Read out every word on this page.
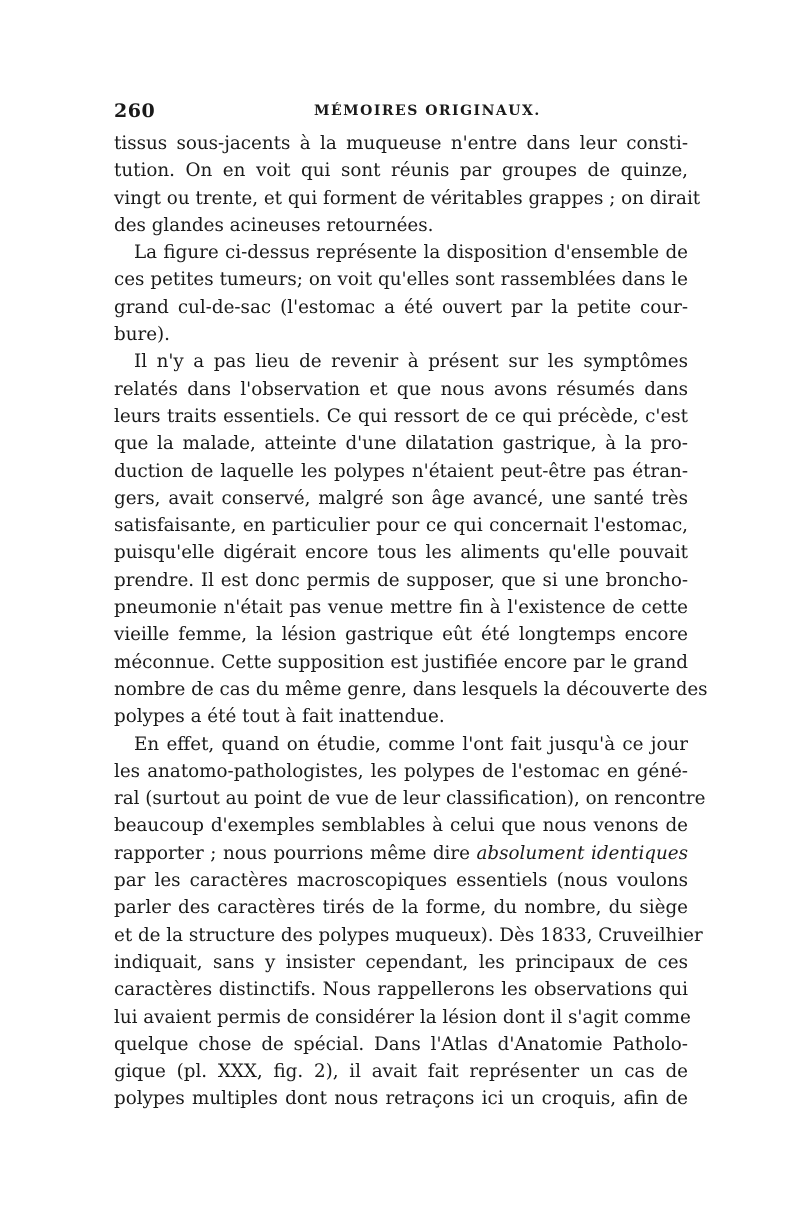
260	MÉMOIRES ORIGINAUX.
tissus sous-jacents à la muqueuse n'entre dans leur consti-
tution. On en voit qui sont réunis par groupes de quinze,
vingt ou trente, et qui forment de véritables grappes ; on dirait
des glandes acineuses retournées.
La figure ci-dessus représente la disposition d'ensemble de
ces petites tumeurs; on voit qu'elles sont rassemblées dans le
grand cul-de-sac (l'estomac a été ouvert par la petite cour-
bure).
Il n'y a pas lieu de revenir à présent sur les symptômes
relatés dans l'observation et que nous avons résumés dans
leurs traits essentiels. Ce qui ressort de ce qui précède, c'est
que la malade, atteinte d'une dilatation gastrique, à la pro-
duction de laquelle les polypes n'étaient peut-être pas étran-
gers, avait conservé, malgré son âge avancé, une santé très
satisfaisante, en particulier pour ce qui concernait l'estomac,
puisqu'elle digérait encore tous les aliments qu'elle pouvait
prendre. Il est donc permis de supposer, que si une broncho-
pneumonie n'était pas venue mettre fin à l'existence de cette
vieille femme, la lésion gastrique eût été longtemps encore
méconnue. Cette supposition est justifiée encore par le grand
nombre de cas du même genre, dans lesquels la découverte des
polypes a été tout à fait inattendue.
En effet, quand on étudie, comme l'ont fait jusqu'à ce jour
les anatomo-pathologistes, les polypes de l'estomac en géné-
ral (surtout au point de vue de leur classification), on rencontre
beaucoup d'exemples semblables à celui que nous venons de
rapporter ; nous pourrions même dire absolument identiques
par les caractères macroscopiques essentiels (nous voulons
parler des caractères tirés de la forme, du nombre, du siège
et de la structure des polypes muqueux). Dès 1833, Cruveilhier
indiquait, sans y insister cependant, les principaux de ces
caractères distinctifs. Nous rappellerons les observations qui
lui avaient permis de considérer la lésion dont il s'agit comme
quelque chose de spécial. Dans l'Atlas d'Anatomie Patholo-
gique (pl. XXX, fig. 2), il avait fait représenter un cas de
polypes multiples dont nous retraçons ici un croquis, afin de
